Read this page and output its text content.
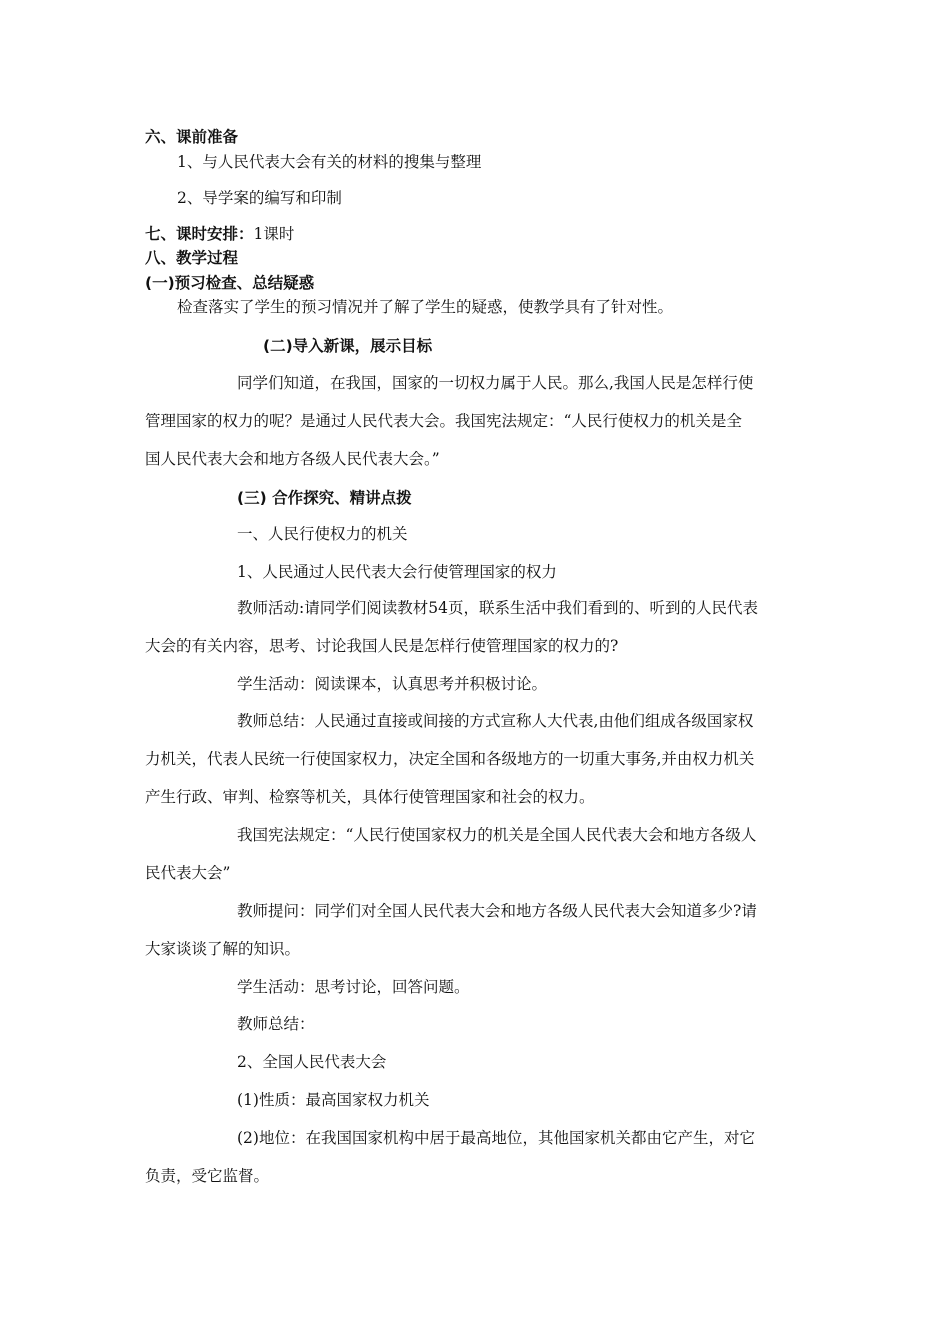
六、课前准备
1、与人民代表大会有关的材料的搜集与整理
2、导学案的编写和印制
七、课时安排：1课时
八、教学过程
(一)预习检查、总结疑惑
检查落实了学生的预习情况并了解了学生的疑惑，使教学具有了针对性。
(二)导入新课，展示目标
同学们知道，在我国，国家的一切权力属于人民。那么,我国人民是怎样行使
管理国家的权力的呢？是通过人民代表大会。我国宪法规定：“人民行使权力的机关是全
国人民代表大会和地方各级人民代表大会。”
(三) 合作探究、精讲点拨
一、人民行使权力的机关
1、人民通过人民代表大会行使管理国家的权力
教师活动:请同学们阅读教材54页，联系生活中我们看到的、听到的人民代表
大会的有关内容，思考、讨论我国人民是怎样行使管理国家的权力的?
学生活动：阅读课本，认真思考并积极讨论。
教师总结：人民通过直接或间接的方式宣称人大代表,由他们组成各级国家权
力机关，代表人民统一行使国家权力，决定全国和各级地方的一切重大事务,并由权力机关
产生行政、审判、检察等机关，具体行使管理国家和社会的权力。
我国宪法规定：“人民行使国家权力的机关是全国人民代表大会和地方各级人
民代表大会”
教师提问：同学们对全国人民代表大会和地方各级人民代表大会知道多少?请
大家谈谈了解的知识。
学生活动：思考讨论，回答问题。
教师总结：
2、全国人民代表大会
(1)性质：最高国家权力机关
(2)地位：在我国国家机构中居于最高地位，其他国家机关都由它产生，对它
负责，受它监督。
